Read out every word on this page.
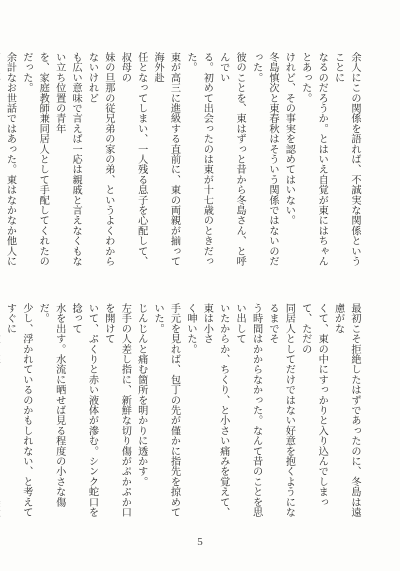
余人にこの関係を語れば、不誠実な関係ということに
なるのだろうか。とはいえ自覚が東にはちゃんとあった。
けれど、その事実を認めてはいない。
冬島慎次と東春秋はそういう関係ではないのだった。
彼のことを、東はずっと昔から冬島さん、と呼んでい
る。初めて出会ったのは東が十七歳のときだった。
東が高三に進級する直前に、東の両親が揃って海外赴
任となってしまい、一人残る息子を心配して、叔母の
妹の旦那の従兄弟の家の弟、というよくわからないけれど
も広い意味で言えば一応は親戚と言えなくもない立ち位置の青年
を、家庭教師兼同居人として手配してくれたのだった。
余計なお世話ではあった。東はなかなか他人に
最初こそ拒絶したはずであったのに、冬島は遠慮がな
くて、東の中にすっかりと入り込んでしまって、ただの
同居人としてだけではない好意を抱くようになるまでそ
う時間はかからなかった。なんて昔のことを思い出して
いたからか、ちくり、と小さい痛みを覚えて、東は小さ
く呻いた。
手元を見れば、包丁の先が僅かに指先を掠めていた。
じんじんと痛む箇所を明かりに透かす。
左手の人差し指に、新鮮な切り傷がぷかぷか口を開けて
いて、ぷくりと赤い液体が滲む。シンク蛇口を捻って
水を出す。水流に晒せば見る程度の小さな傷だ。
少し、浮かれているのかもしれない、と考えてすぐに
5
